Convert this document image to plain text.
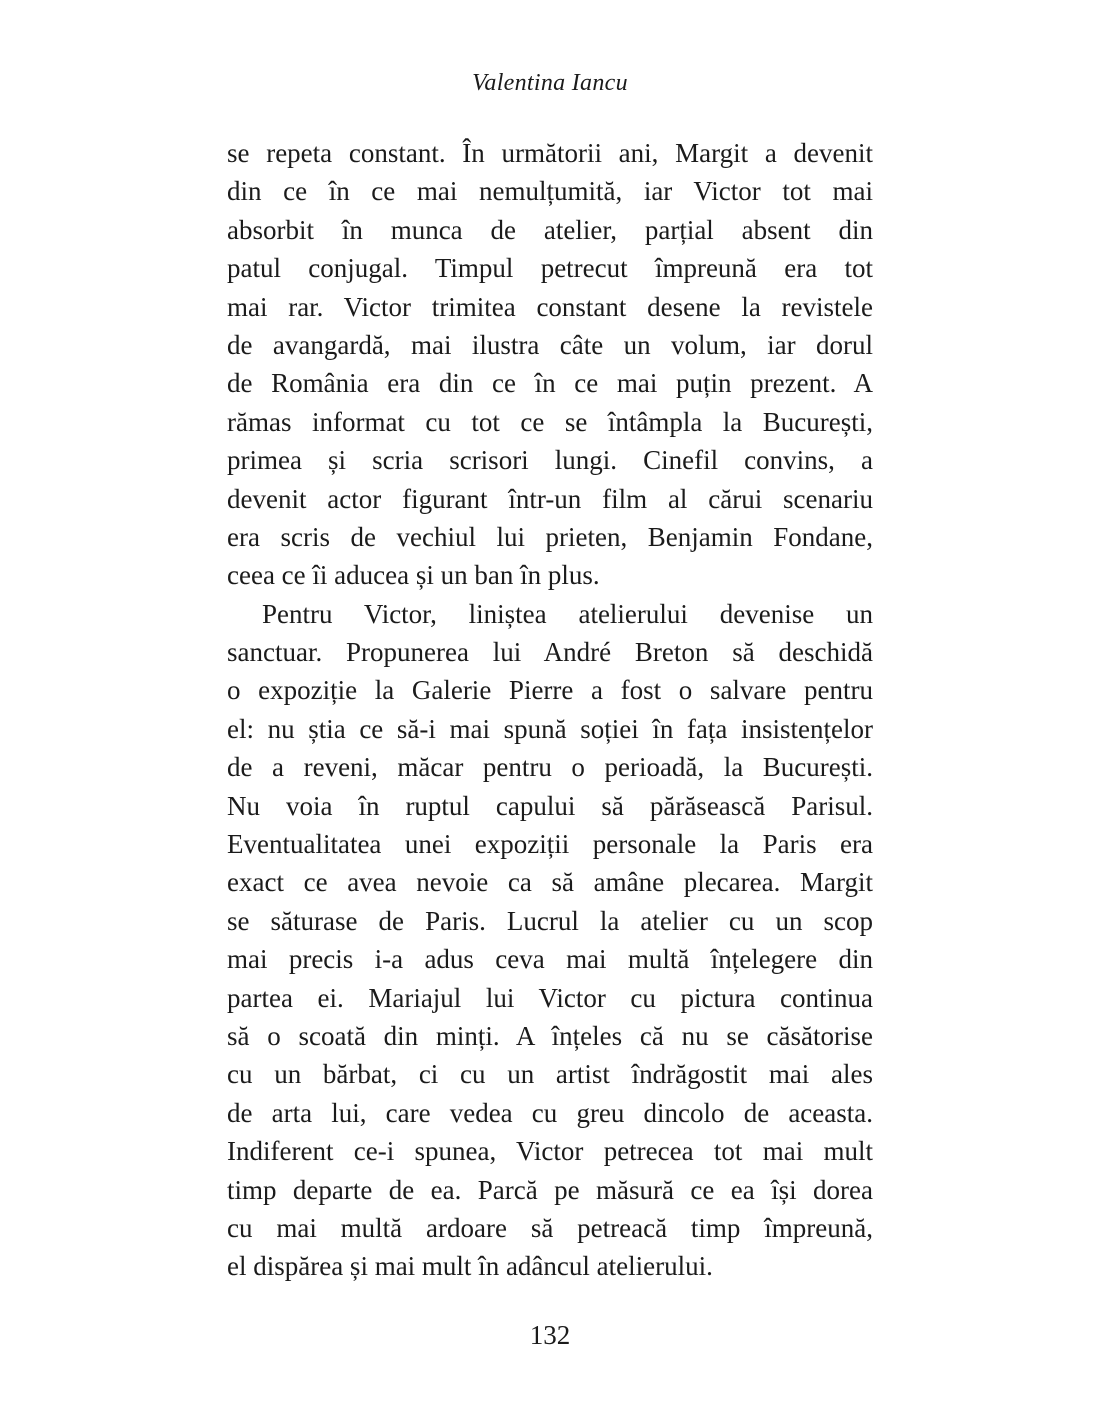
Valentina Iancu
se repeta constant. În următorii ani, Margit a devenit
din ce în ce mai nemulțumită, iar Victor tot mai
absorbit în munca de atelier, parțial absent din
patul conjugal. Timpul petrecut împreună era tot
mai rar. Victor trimitea constant desene la revistele
de avangardă, mai ilustra câte un volum, iar dorul
de România era din ce în ce mai puțin prezent. A
rămas informat cu tot ce se întâmpla la București,
primea și scria scrisori lungi. Cinefil convins, a
devenit actor figurant într-un film al cărui scenariu
era scris de vechiul lui prieten, Benjamin Fondane,
ceea ce îi aducea și un ban în plus.
Pentru Victor, liniștea atelierului devenise un
sanctuar. Propunerea lui André Breton să deschidă
o expoziție la Galerie Pierre a fost o salvare pentru
el: nu știa ce să-i mai spună soției în fața insistențelor
de a reveni, măcar pentru o perioadă, la București.
Nu voia în ruptul capului să părăsească Parisul.
Eventualitatea unei expoziții personale la Paris era
exact ce avea nevoie ca să amâne plecarea. Margit
se săturase de Paris. Lucrul la atelier cu un scop
mai precis i-a adus ceva mai multă înțelegere din
partea ei. Mariajul lui Victor cu pictura continua
să o scoată din minți. A înțeles că nu se căsătorise
cu un bărbat, ci cu un artist îndrăgostit mai ales
de arta lui, care vedea cu greu dincolo de aceasta.
Indiferent ce-i spunea, Victor petrecea tot mai mult
timp departe de ea. Parcă pe măsură ce ea își dorea
cu mai multă ardoare să petreacă timp împreună,
el dispărea și mai mult în adâncul atelierului.
132
